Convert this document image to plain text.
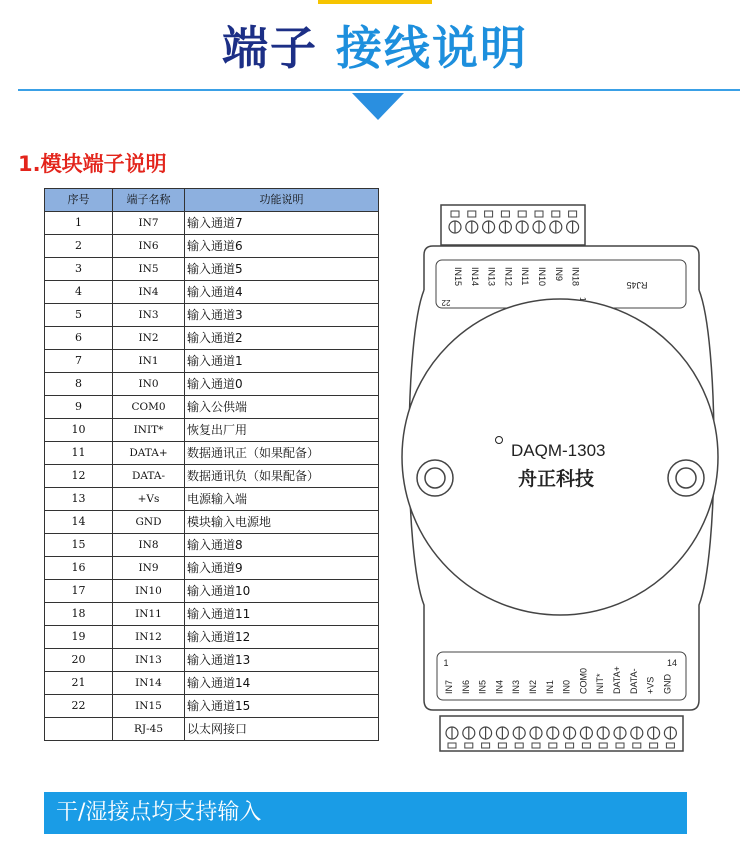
端子 接线说明
1.模块端子说明
序号	端子名称	功能说明
1	IN7	输入通道7
2	IN6	输入通道6
3	IN5	输入通道5
4	IN4	输入通道4
5	IN3	输入通道3
6	IN2	输入通道2
7	IN1	输入通道1
8	IN0	输入通道0
9	COM0	输入公供端
10	INIT*	恢复出厂用
11	DATA+	数据通讯正（如果配备）
12	DATA-	数据通讯负（如果配备）
13	+Vs	电源输入端
14	GND	模块输入电源地
15	IN8	输入通道8
16	IN9	输入通道9
17	IN10	输入通道10
18	IN11	输入通道11
19	IN12	输入通道12
20	IN13	输入通道13
21	IN14	输入通道14
22	IN15	输入通道15
	RJ-45	以太网接口
IN15 IN14 IN13 IN12 IN11 IN10 IN9 IN18
22
RJ45
DAQM-1303
舟正科技
IN7 IN6 IN5 IN4 IN3 IN2 IN1 IN0 COM0 INIT* DATA+ DATA- +VS GND
1	14
干/湿接点均支持输入
